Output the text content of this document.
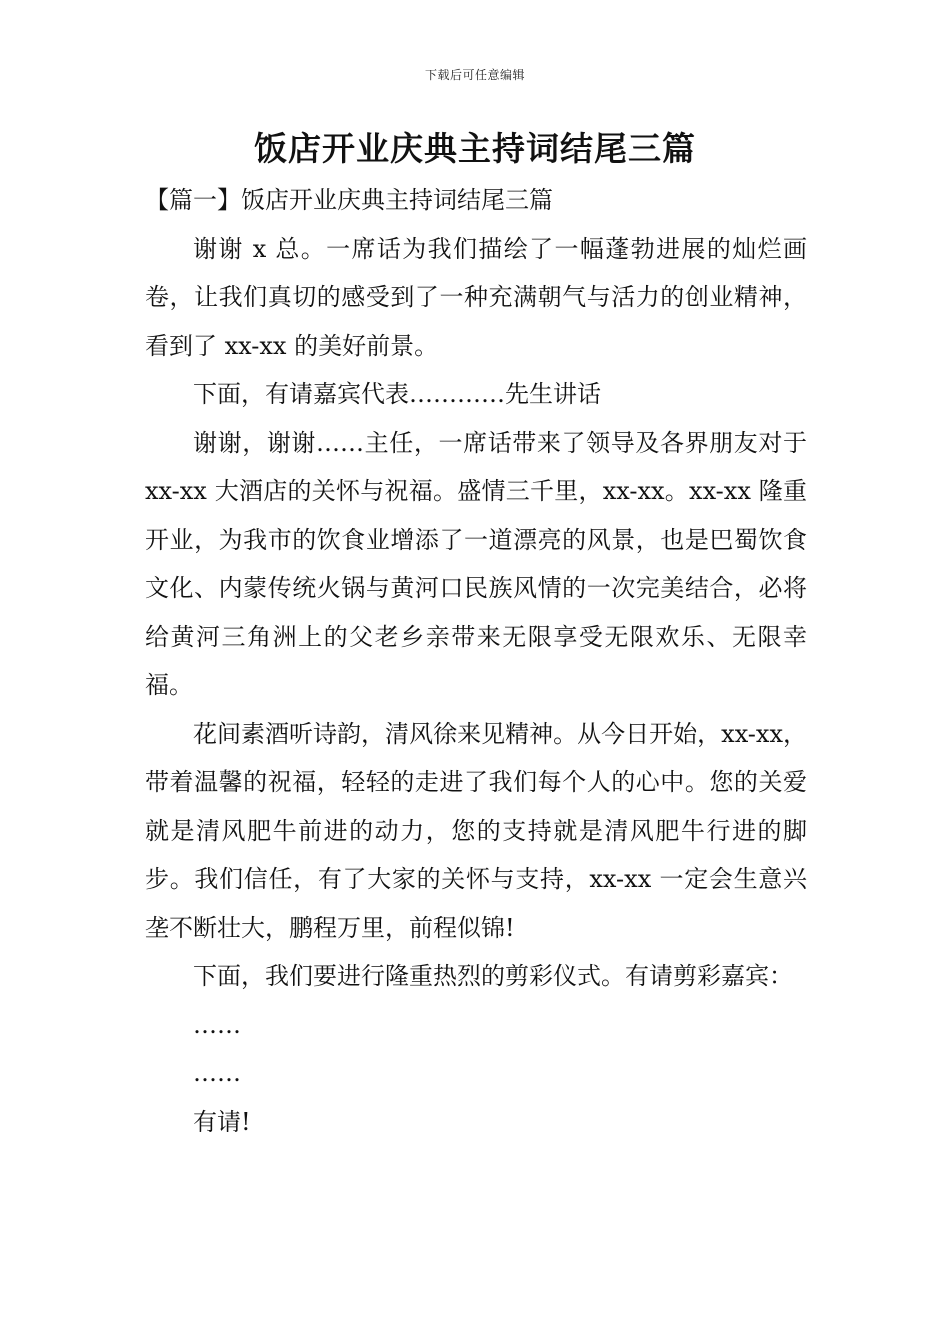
下载后可任意编辑
饭店开业庆典主持词结尾三篇

【篇一】饭店开业庆典主持词结尾三篇

谢谢 x 总。一席话为我们描绘了一幅蓬勃进展的灿烂画卷，让我们真切的感受到了一种充满朝气与活力的创业精神，看到了 xx-xx 的美好前景。

下面，有请嘉宾代表…………先生讲话

谢谢，谢谢……主任，一席话带来了领导及各界朋友对于 xx-xx 大酒店的关怀与祝福。盛情三千里，xx-xx。xx-xx 隆重开业，为我市的饮食业增添了一道漂亮的风景，也是巴蜀饮食文化、内蒙传统火锅与黄河口民族风情的一次完美结合，必将给黄河三角洲上的父老乡亲带来无限享受无限欢乐、无限幸福。

花间素酒听诗韵，清风徐来见精神。从今日开始，xx-xx，带着温馨的祝福，轻轻的走进了我们每个人的心中。您的关爱就是清风肥牛前进的动力，您的支持就是清风肥牛行进的脚步。我们信任，有了大家的关怀与支持，xx-xx 一定会生意兴垄不断壮大，鹏程万里，前程似锦!

下面，我们要进行隆重热烈的剪彩仪式。有请剪彩嘉宾：

……

……

有请!
